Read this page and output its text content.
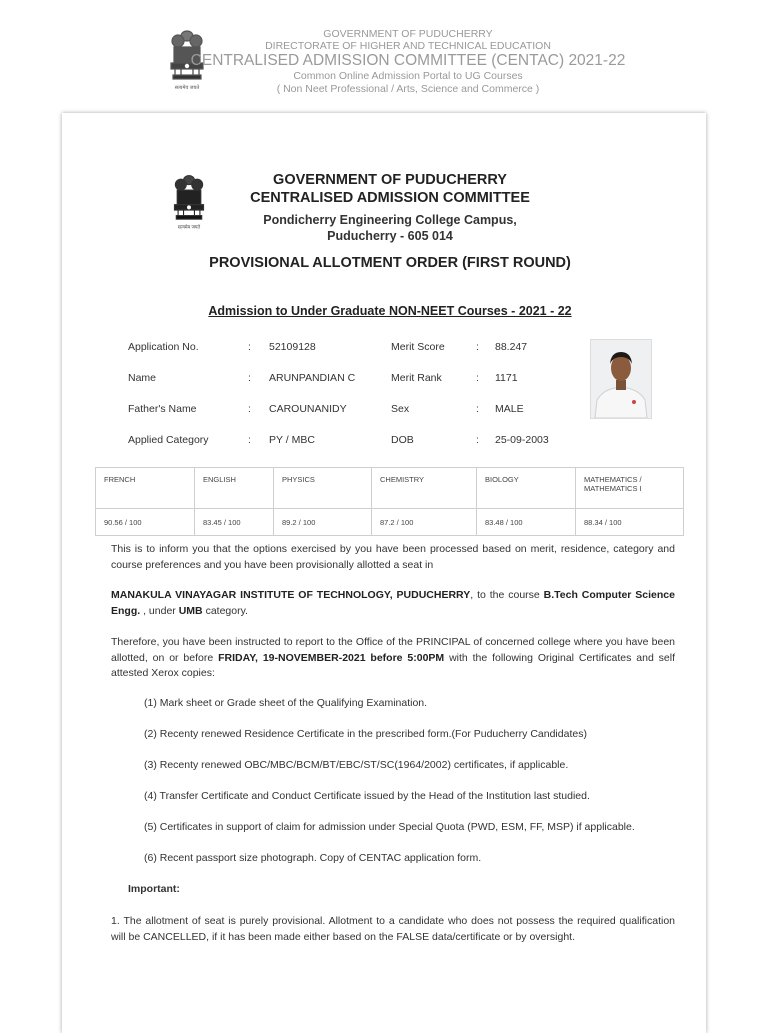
सत्यमेव जयते
GOVERNMENT OF PUDUCHERRY
DIRECTORATE OF HIGHER AND TECHNICAL EDUCATION
CENTRALISED ADMISSION COMMITTEE (CENTAC) 2021-22
Common Online Admission Portal to UG Courses
( Non Neet Professional / Arts, Science and Commerce )
सत्यमेव जयते
GOVERNMENT OF PUDUCHERRY
CENTRALISED ADMISSION COMMITTEE
Pondicherry Engineering College Campus,
Puducherry - 605 014
PROVISIONAL ALLOTMENT ORDER (FIRST ROUND)
Admission to Under Graduate NON-NEET Courses - 2021 - 22
Application No.	: 52109128
Name	: ARUNPANDIAN C
Father's Name	: CAROUNANIDY
Applied Category	: PY / MBC
Merit Score	: 88.247
Merit Rank	: 1171
Sex	: MALE
DOB	: 25-09-2003
FRENCH	ENGLISH	PHYSICS	CHEMISTRY	BIOLOGY	MATHEMATICS / MATHEMATICS I
90.56 / 100	83.45 / 100	89.2 / 100	87.2 / 100	83.48 / 100	88.34 / 100
This is to inform you that the options exercised by you have been processed based on merit, residence, category and course preferences and you have been provisionally allotted a seat in
MANAKULA VINAYAGAR INSTITUTE OF TECHNOLOGY, PUDUCHERRY, to the course B.Tech Computer Science Engg. , under UMB category.
Therefore, you have been instructed to report to the Office of the PRINCIPAL of concerned college where you have been allotted, on or before FRIDAY, 19-NOVEMBER-2021 before 5:00PM with the following Original Certificates and self attested Xerox copies:
(1) Mark sheet or Grade sheet of the Qualifying Examination.
(2) Recenty renewed Residence Certificate in the prescribed form.(For Puducherry Candidates)
(3) Recenty renewed OBC/MBC/BCM/BT/EBC/ST/SC(1964/2002) certificates, if applicable.
(4) Transfer Certificate and Conduct Certificate issued by the Head of the Institution last studied.
(5) Certificates in support of claim for admission under Special Quota (PWD, ESM, FF, MSP) if applicable.
(6) Recent passport size photograph. Copy of CENTAC application form.
Important:
1. The allotment of seat is purely provisional. Allotment to a candidate who does not possess the required qualification will be CANCELLED, if it has been made either based on the FALSE data/certificate or by oversight.
